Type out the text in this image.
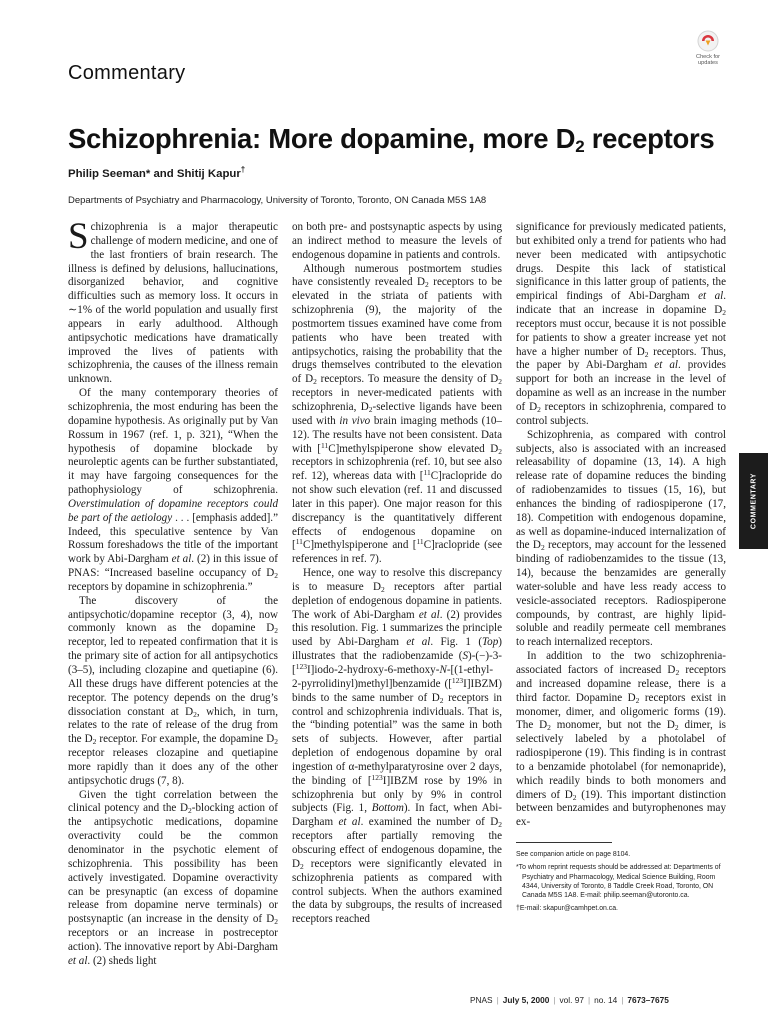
Commentary
Check for updates
Schizophrenia: More dopamine, more $D_2$ receptors
Philip Seeman* and Shitij Kapur†
Departments of Psychiatry and Pharmacology, University of Toronto, Toronto, ON Canada M5S 1A8

Schizophrenia is a major therapeutic challenge of modern medicine, and one of the last frontiers of brain research. The illness is defined by delusions, hallucinations, disorganized behavior, and cognitive difficulties such as memory loss. It occurs in ∼1% of the world population and usually first appears in early adulthood. Although antipsychotic medications have dramatically improved the lives of patients with schizophrenia, the causes of the illness remain unknown.

Of the many contemporary theories of schizophrenia, the most enduring has been the dopamine hypothesis. As originally put by Van Rossum in 1967 (ref. 1, p. 321), “When the hypothesis of dopamine blockade by neuroleptic agents can be further substantiated, it may have fargoing consequences for the pathophysiology of schizophrenia. Overstimulation of dopamine receptors could be part of the aetiology . . . [emphasis added].” Indeed, this speculative sentence by Van Rossum foreshadows the title of the important work by Abi-Dargham et al. (2) in this issue of PNAS: “Increased baseline occupancy of $D_2$ receptors by dopamine in schizophrenia.”

The discovery of the antipsychotic/dopamine receptor (3, 4), now commonly known as the dopamine $D_2$ receptor, led to repeated confirmation that it is the primary site of action for all antipsychotics (3–5), including clozapine and quetiapine (6). All these drugs have different potencies at the receptor. The potency depends on the drug’s dissociation constant at $D_2$, which, in turn, relates to the rate of release of the drug from the $D_2$ receptor. For example, the dopamine $D_2$ receptor releases clozapine and quetiapine more rapidly than it does any of the other antipsychotic drugs (7, 8).

Given the tight correlation between the clinical potency and the $D_2$-blocking action of the antipsychotic medications, dopamine overactivity could be the common denominator in the psychotic element of schizophrenia. This possibility has been actively investigated. Dopamine overactivity can be presynaptic (an excess of dopamine release from dopamine nerve terminals) or postsynaptic (an increase in the density of $D_2$ receptors or an increase in postreceptor action). The innovative report by Abi-Dargham et al. (2) sheds light

on both pre- and postsynaptic aspects by using an indirect method to measure the levels of endogenous dopamine in patients and controls.

Although numerous postmortem studies have consistently revealed $D_2$ receptors to be elevated in the striata of patients with schizophrenia (9), the majority of the postmortem tissues examined have come from patients who have been treated with antipsychotics, raising the probability that the drugs themselves contributed to the elevation of $D_2$ receptors. To measure the density of $D_2$ receptors in never-medicated patients with schizophrenia, $D_2$-selective ligands have been used with in vivo brain imaging methods (10–12). The results have not been consistent. Data with [$^{11}$C]methylspiperone show elevated $D_2$ receptors in schizophrenia (ref. 10, but see also ref. 12), whereas data with [$^{11}$C]raclopride do not show such elevation (ref. 11 and discussed later in this paper). One major reason for this discrepancy is the quantitatively different effects of endogenous dopamine on [$^{11}$C]methylspiperone and [$^{11}$C]raclopride (see references in ref. 7).

Hence, one way to resolve this discrepancy is to measure $D_2$ receptors after partial depletion of endogenous dopamine in patients. The work of Abi-Dargham et al. (2) provides this resolution. Fig. 1 summarizes the principle used by Abi-Dargham et al. Fig. 1 (Top) illustrates that the radiobenzamide (S)-(−)-3-[$^{123}$I]iodo-2-hydroxy-6-methoxy-N-[(1-ethyl-2-pyrrolidinyl)methyl]benzamide ([$^{123}$I]IBZM) binds to the same number of $D_2$ receptors in control and schizophrenia individuals. That is, the “binding potential” was the same in both sets of subjects. However, after partial depletion of endogenous dopamine by oral ingestion of α-methylparatyrosine over 2 days, the binding of [$^{123}$I]IBZM rose by 19% in schizophrenia but only by 9% in control subjects (Fig. 1, Bottom). In fact, when Abi-Dargham et al. examined the number of $D_2$ receptors after partially removing the obscuring effect of endogenous dopamine, the $D_2$ receptors were significantly elevated in schizophrenia patients as compared with control subjects. When the authors examined the data by subgroups, the results of increased receptors reached

significance for previously medicated patients, but exhibited only a trend for patients who had never been medicated with antipsychotic drugs. Despite this lack of statistical significance in this latter group of patients, the empirical findings of Abi-Dargham et al. indicate that an increase in dopamine $D_2$ receptors must occur, because it is not possible for patients to show a greater increase yet not have a higher number of $D_2$ receptors. Thus, the paper by Abi-Dargham et al. provides support for both an increase in the level of dopamine as well as an increase in the number of $D_2$ receptors in schizophrenia, compared to control subjects.

Schizophrenia, as compared with control subjects, also is associated with an increased releasability of dopamine (13, 14). A high release rate of dopamine reduces the binding of radiobenzamides to tissues (15, 16), but enhances the binding of radiospiperone (17, 18). Competition with endogenous dopamine, as well as dopamine-induced internalization of the $D_2$ receptors, may account for the lessened binding of radiobenzamides to the tissue (13, 14), because the benzamides are generally water-soluble and have less ready access to vesicle-associated receptors. Radiospiperone compounds, by contrast, are highly lipid-soluble and readily permeate cell membranes to reach internalized receptors.

In addition to the two schizophrenia-associated factors of increased $D_2$ receptors and increased dopamine release, there is a third factor. Dopamine $D_2$ receptors exist in monomer, dimer, and oligomeric forms (19). The $D_2$ monomer, but not the $D_2$ dimer, is selectively labeled by a photolabel of radiospiperone (19). This finding is in contrast to a benzamide photolabel (for nemonapride), which readily binds to both monomers and dimers of $D_2$ (19). This important distinction between benzamides and butyrophenones may ex-

See companion article on page 8104.
*To whom reprint requests should be addressed at: Departments of Psychiatry and Pharmacology, Medical Science Building, Room 4344, University of Toronto, 8 Taddle Creek Road, Toronto, ON Canada M5S 1A8. E-mail: philip.seeman@utoronto.ca.
†E-mail: skapur@camhpet.on.ca.
COMMENTARY
PNAS | July 5, 2000 | vol. 97 | no. 14 | 7673–7675
